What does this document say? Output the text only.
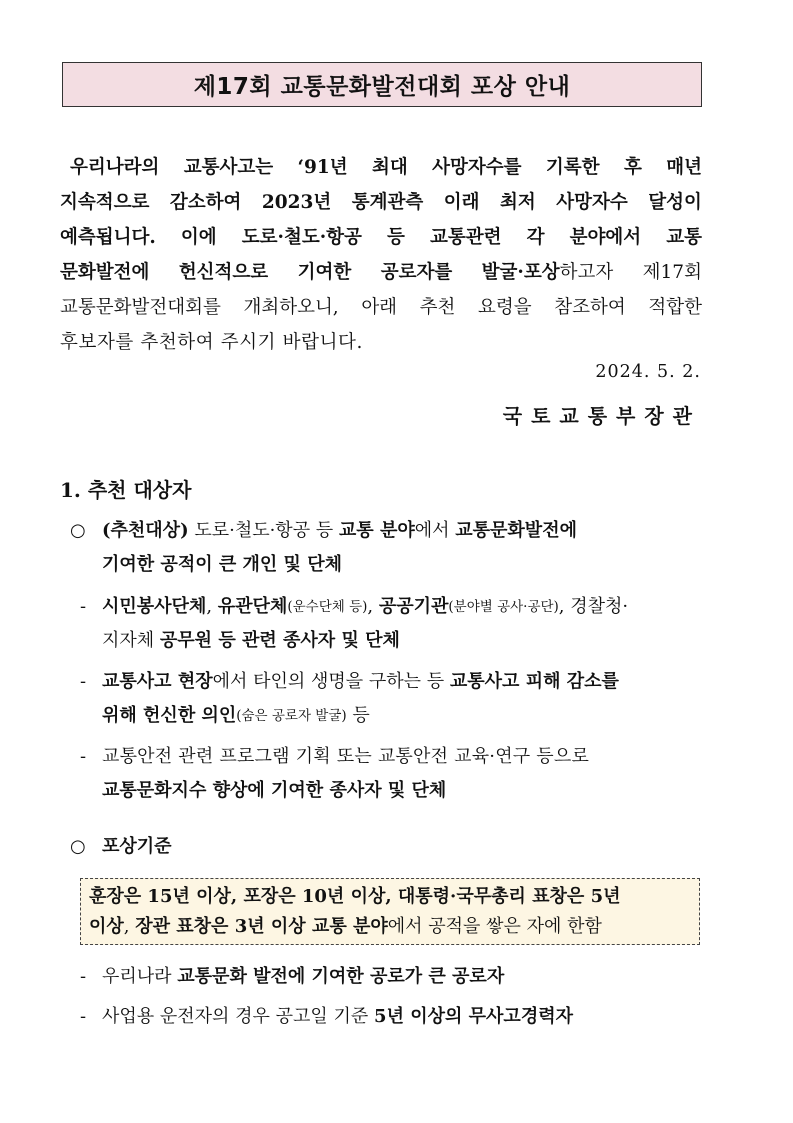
제17회 교통문화발전대회 포상 안내
우리나라의 교통사고는 ‘91년 최대 사망자수를 기록한 후 매년
지속적으로 감소하여 2023년 통계관측 이래 최저 사망자수 달성이
예측됩니다. 이에 도로·철도·항공 등 교통관련 각 분야에서 교통
문화발전에 헌신적으로 기여한 공로자를 발굴·포상하고자 제17회
교통문화발전대회를 개최하오니, 아래 추천 요령을 참조하여 적합한
후보자를 추천하여 주시기 바랍니다.
2024. 5. 2.
국토교통부장관
1. 추천 대상자
○ (추천대상) 도로·철도·항공 등 교통 분야 에서 교통문화발전에
기여한 공적이 큰 개인 및 단체
- 시민봉사단체 , 유관단체 (운수단체 등) , 공공기관 (분야별 공사·공단) , 경찰청·
지자체 공무원 등 관련 종사자 및 단체
- 교통사고 현장 에서 타인의 생명을 구하는 등 교통사고 피해 감소를
위해 헌신한 의인 (숨은 공로자 발굴) 등
- 교통안전 관련 프로그램 기획 또는 교통안전 교육·연구 등으로
교통문화지수 향상에 기여한 종사자 및 단체
○ 포상기준
훈장은 15년 이상, 포장은 10년 이상, 대통령·국무총리 표창은 5년
이상 , 장관 표창은 3년 이상 교통 분야 에서 공적을 쌓은 자에 한함
- 우리나라 교통문화 발전에 기여한 공로가 큰 공로자
- 사업용 운전자의 경우 공고일 기준 5년 이상의 무사고경력자
